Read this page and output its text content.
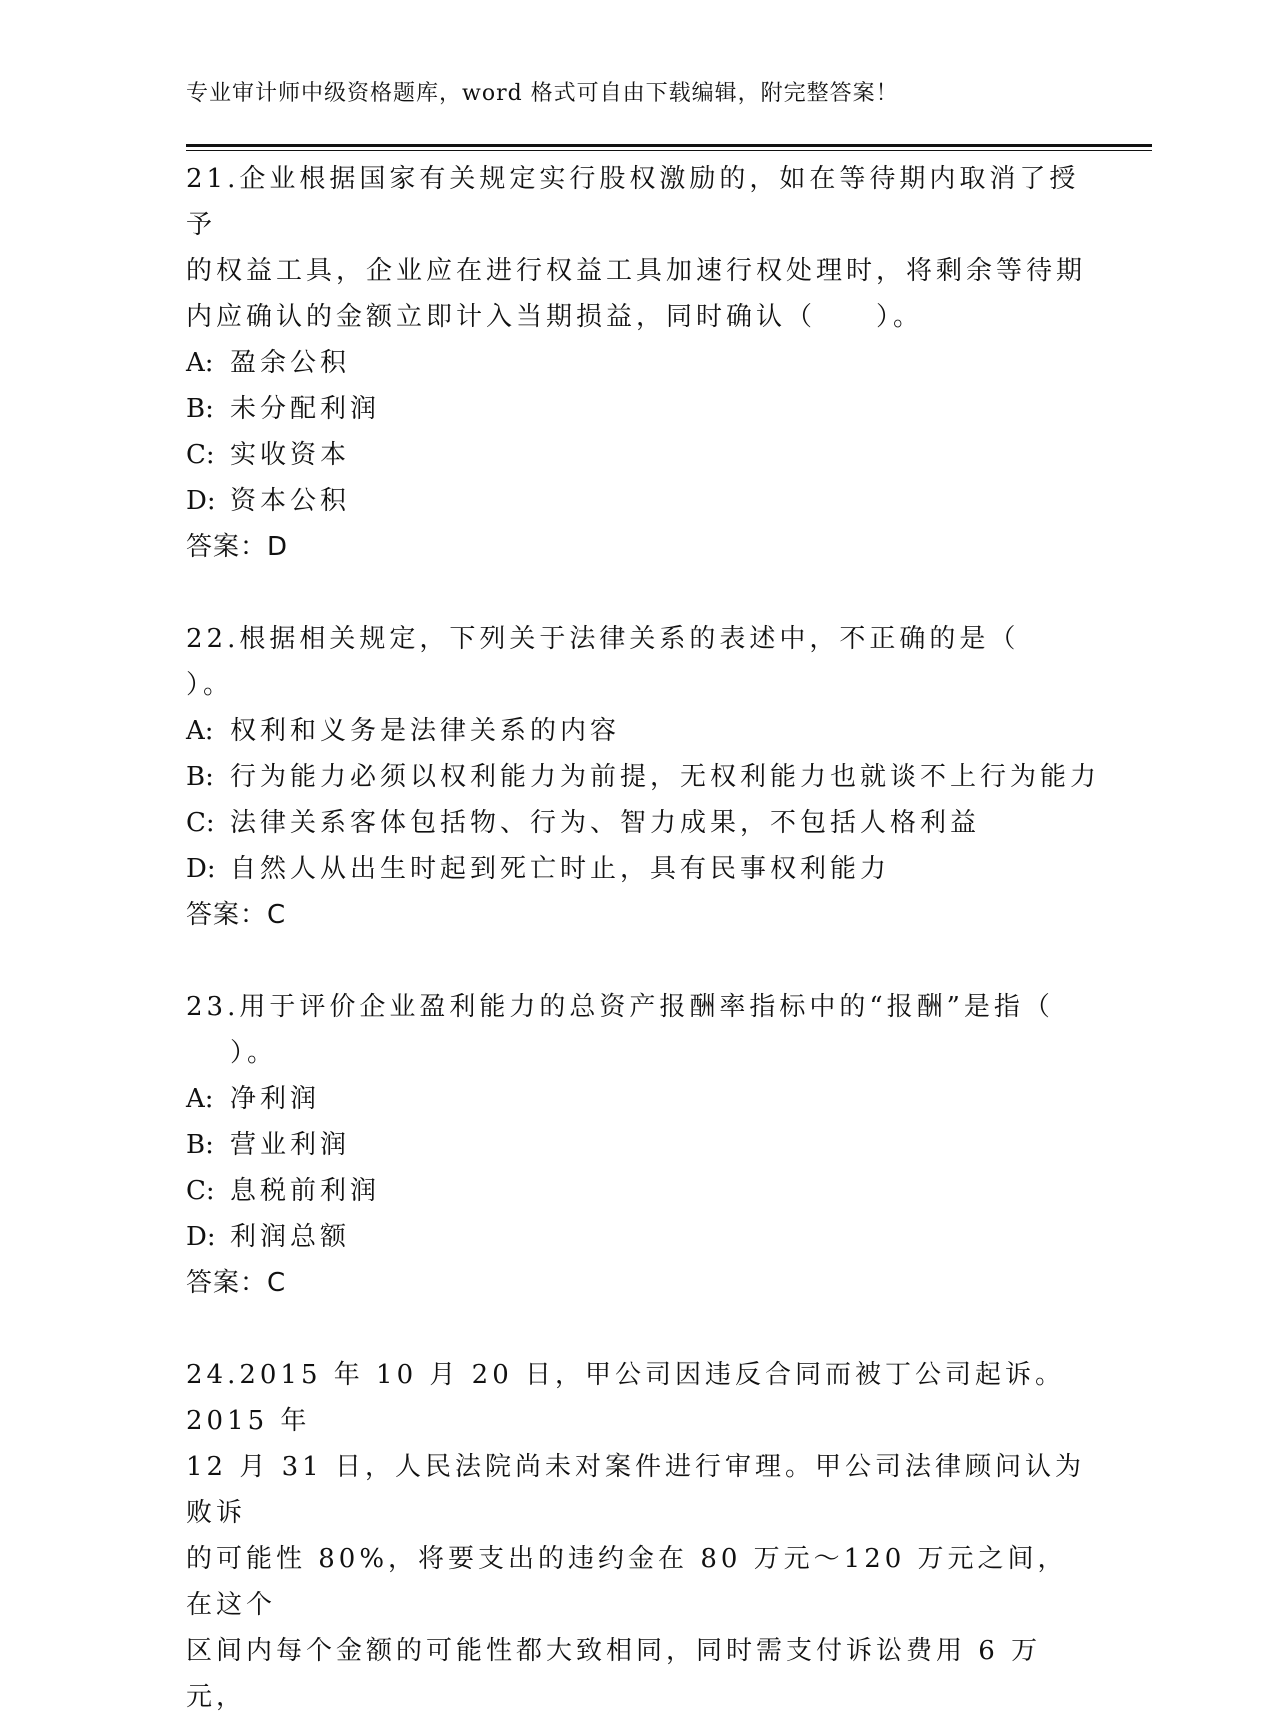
专业审计师中级资格题库，word 格式可自由下载编辑，附完整答案！

21.企业根据国家有关规定实行股权激励的，如在等待期内取消了授予

的权益工具，企业应在进行权益工具加速行权处理时，将剩余等待期

内应确认的金额立即计入当期损益，同时确认（　　）。

A: 盈余公积

B: 未分配利润

C: 实收资本

D: 资本公积

答案：D

22.根据相关规定，下列关于法律关系的表述中，不正确的是（

）。

A: 权利和义务是法律关系的内容

B: 行为能力必须以权利能力为前提，无权利能力也就谈不上行为能力

C: 法律关系客体包括物、行为、智力成果，不包括人格利益

D: 自然人从出生时起到死亡时止，具有民事权利能力

答案：C

23.用于评价企业盈利能力的总资产报酬率指标中的“报酬”是指（

）。

A: 净利润

B: 营业利润

C: 息税前利润

D: 利润总额

答案：C

24.2015 年 10 月 20 日，甲公司因违反合同而被丁公司起诉。2015 年

12 月 31 日，人民法院尚未对案件进行审理。甲公司法律顾问认为败诉

的可能性 80%，将要支出的违约金在 80 万元～120 万元之间，在这个

区间内每个金额的可能性都大致相同，同时需支付诉讼费用 6 万元，
